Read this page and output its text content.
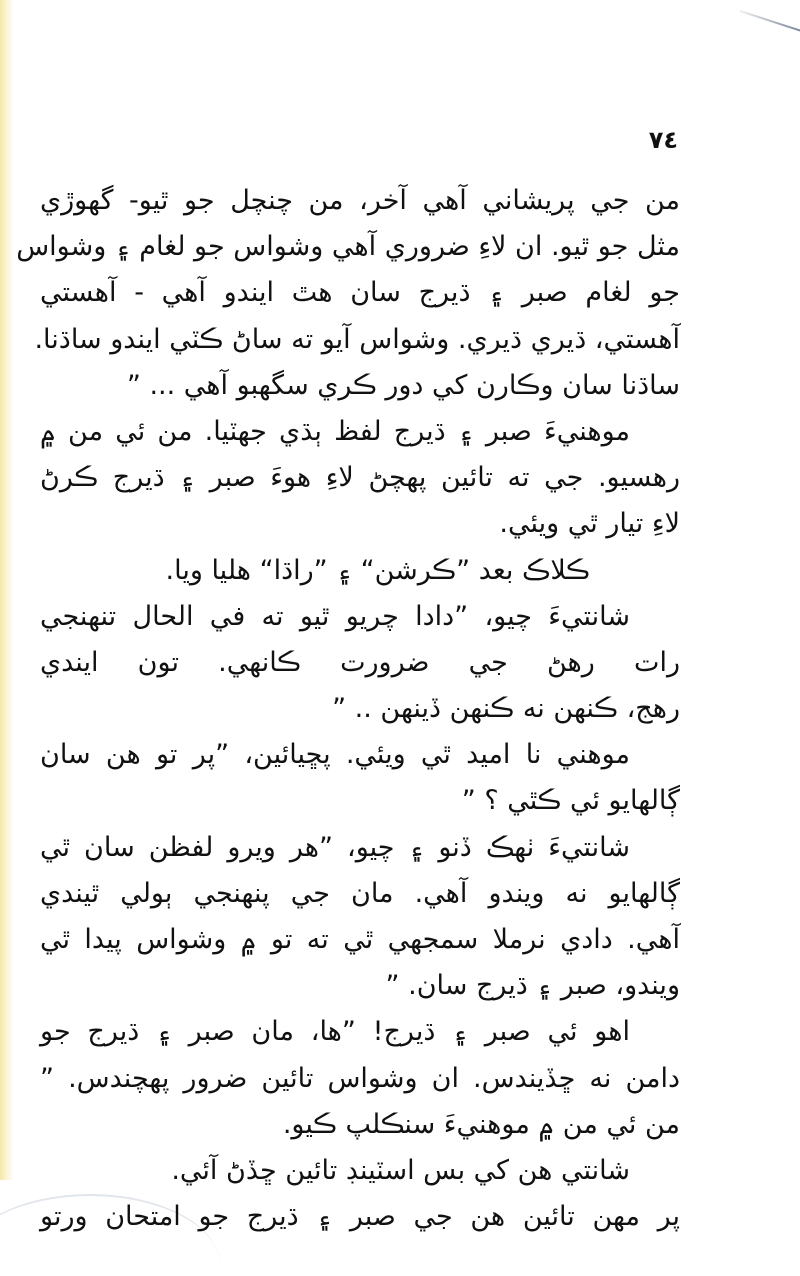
٧٤
من جي پريشاني آهي آخر، من چنچل جو ٿيو- گهوڙي
مثل جو ٿيو. ان لاءِ ضروري آهي وشواس جو لغام ۽ وشواس
جو لغام صبر ۽ ڌيرج سان هٿ ايندو آهي - آهستي
آهستي، ڌيري ڌيري. وشواس آيو ته ساڻ ڪٽي ايندو ساڌنا.
ساڌنا سان وڪارن کي دور ڪري سگهبو آهي ... ”
موهنيءَ صبر ۽ ڌيرج لفظ ٻڌي جهٽيا. من ئي من ۾
رهسيو. جي ته تائين پهچڻ لاءِ هوءَ صبر ۽ ڌيرج ڪرڻ
لاءِ تيار ٿي ويئي.
ڪلاڪ بعد ”ڪرشن“ ۽ ”راڌا“ هليا ويا.
شانتيءَ چيو، ”دادا چريو ٿيو ته في الحال تنهنجي
رات رهڻ جي ضرورت ڪانهي. تون ايندي
رهج، ڪنهن نه ڪنهن ڏينهن .. ”
موهني نا اميد ٿي ويئي. پڇيائين، ”پر تو هن سان
ڳالهايو ئي ڪٿي ؟ ”
شانتيءَ ٺهڪ ڏنو ۽ چيو، ”هر ويرو لفظن سان ٿي
ڳالهايو نه ويندو آهي. مان جي پنهنجي ٻولي ٿيندي
آهي. دادي نرملا سمجهي ٿي ته تو ۾ وشواس پيدا ٿي
ويندو، صبر ۽ ڌيرج سان. ”
اهو ئي صبر ۽ ڌيرج! ”ها، مان صبر ۽ ڌيرج جو
دامن نه ڇڏيندس. ان وشواس تائين ضرور پهچندس. ”
من ئي من ۾ موهنيءَ سنڪلپ ڪيو.
شانتي هن کي بس اسٽينڊ تائين ڇڏڻ آئي.
پر مهن تائين هن جي صبر ۽ ڌيرج جو امتحان ورتو
